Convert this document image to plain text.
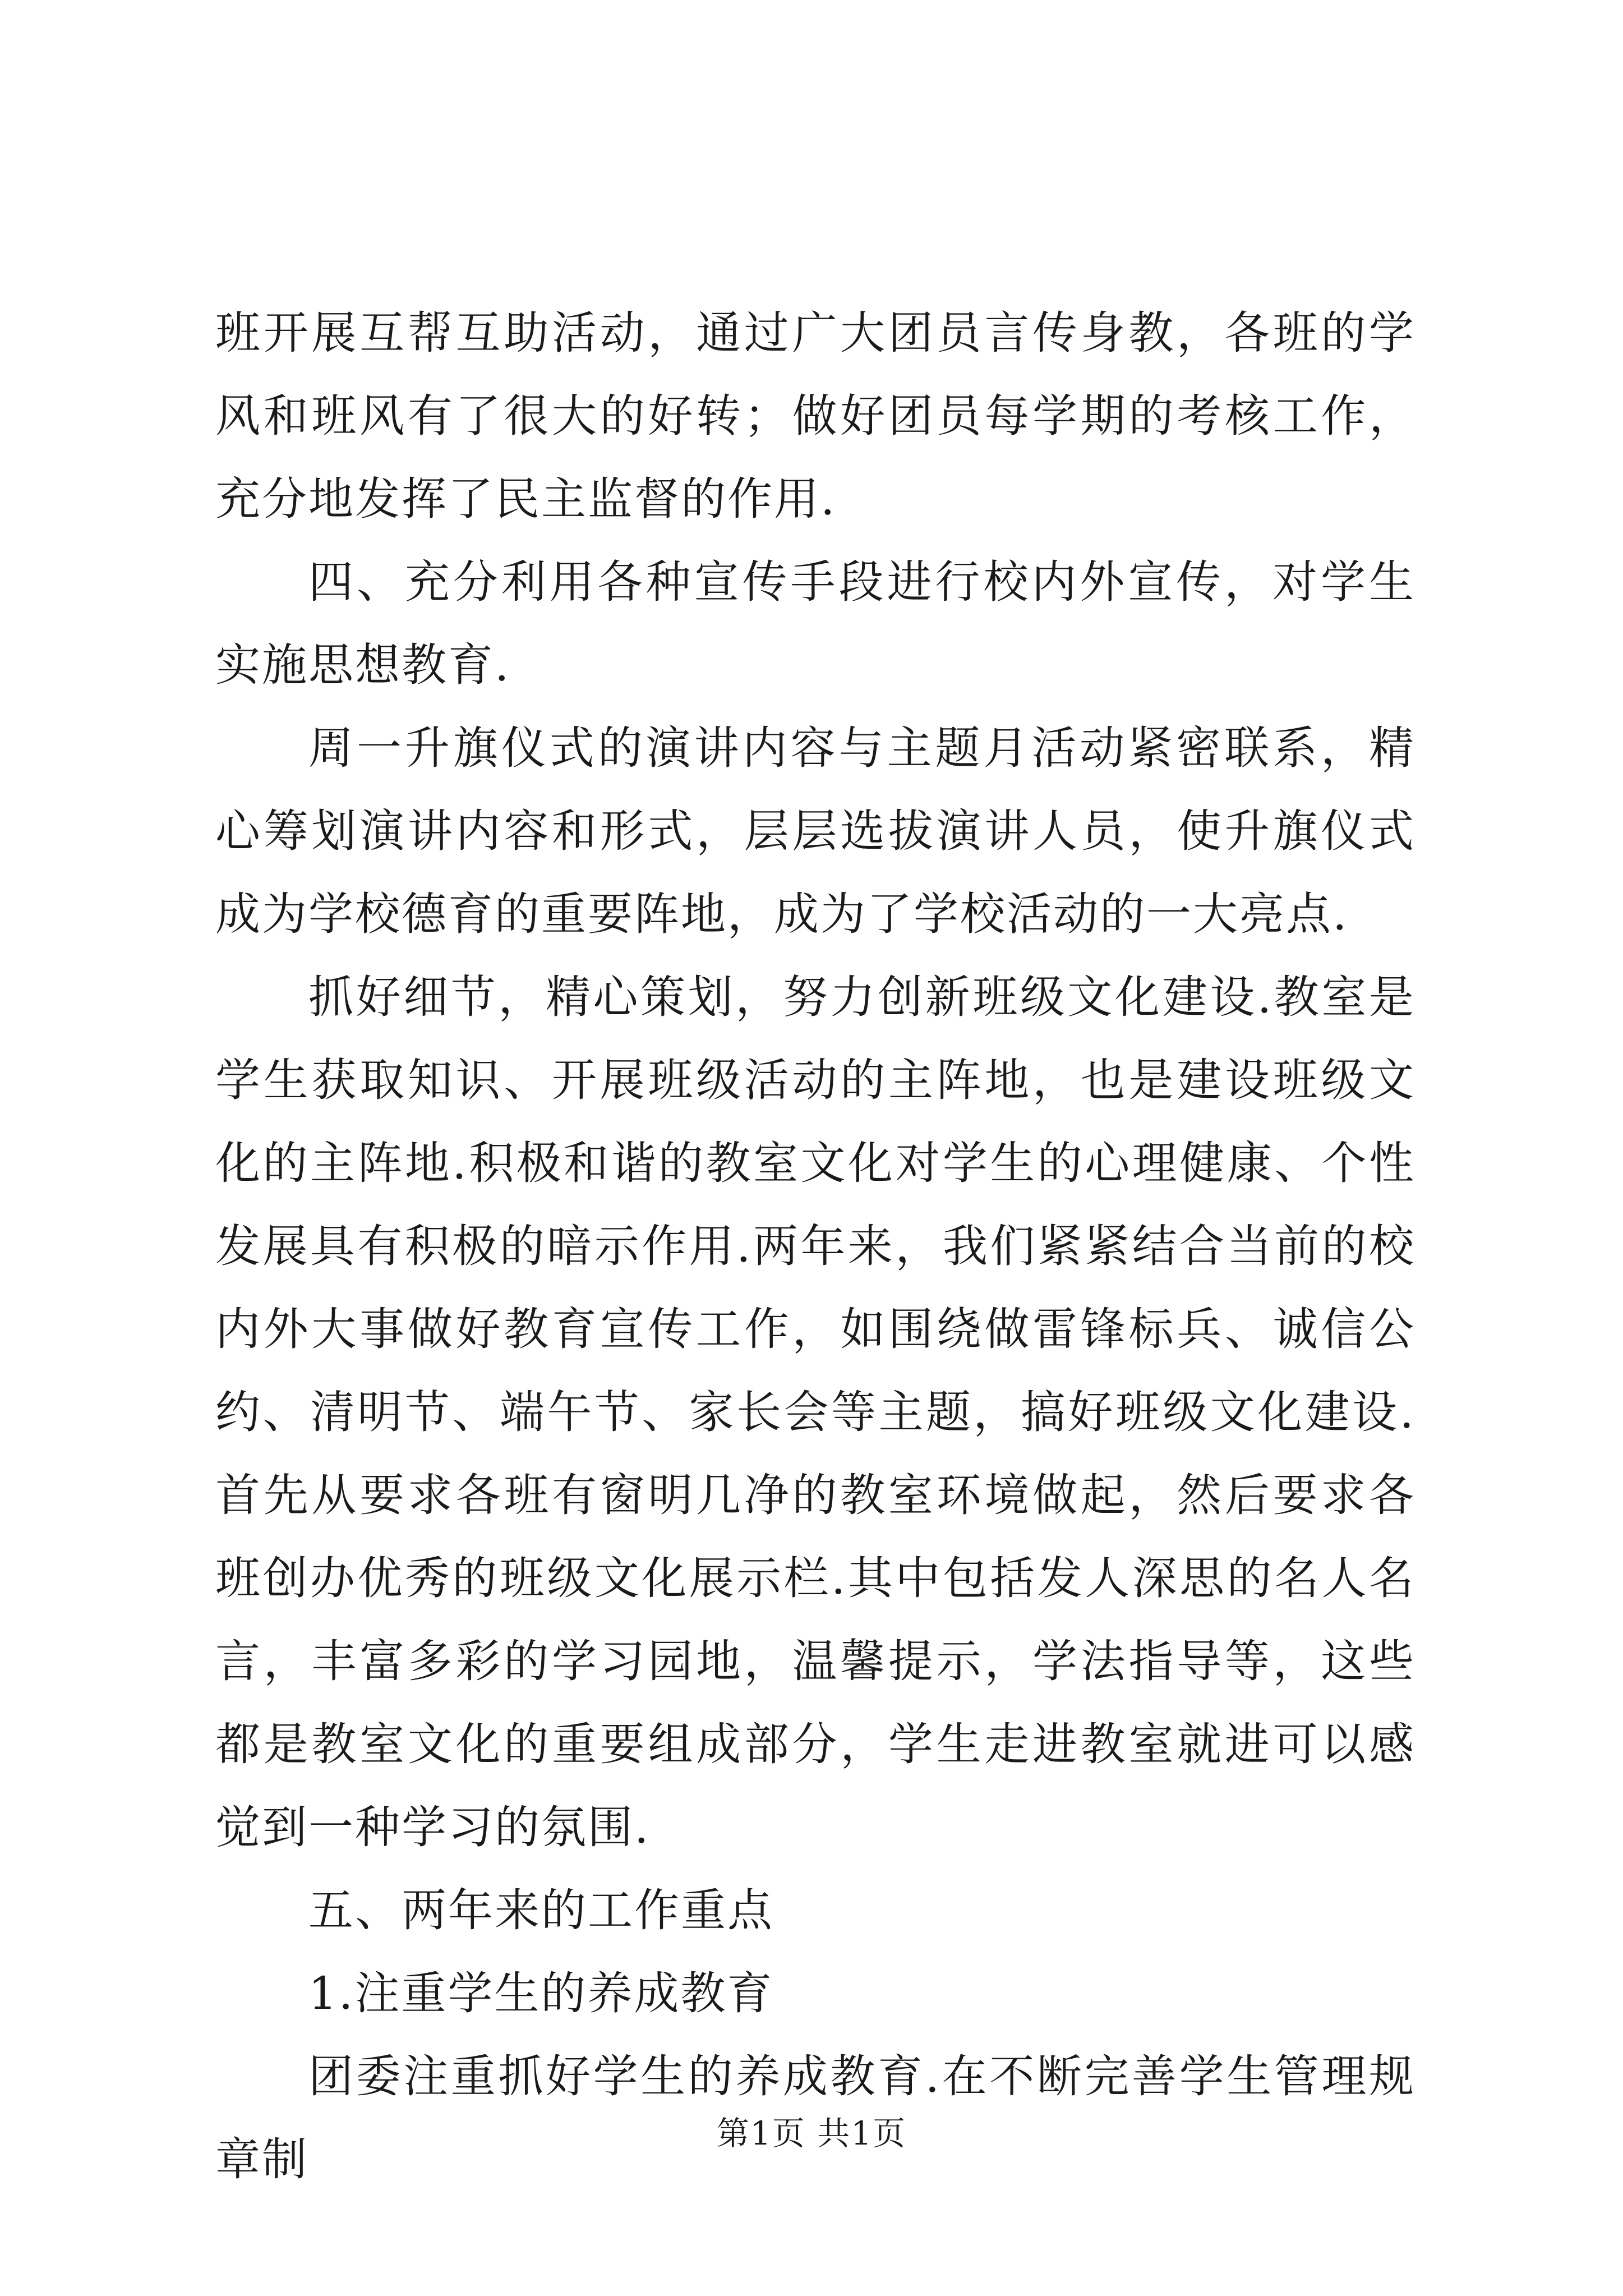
班开展互帮互助活动，通过广大团员言传身教，各班的学风和班风有了很大的好转；做好团员每学期的考核工作，充分地发挥了民主监督的作用.

四、充分利用各种宣传手段进行校内外宣传，对学生实施思想教育.

周一升旗仪式的演讲内容与主题月活动紧密联系，精心筹划演讲内容和形式，层层选拔演讲人员，使升旗仪式成为学校德育的重要阵地，成为了学校活动的一大亮点.

抓好细节，精心策划，努力创新班级文化建设.教室是学生获取知识、开展班级活动的主阵地，也是建设班级文化的主阵地.积极和谐的教室文化对学生的心理健康、个性发展具有积极的暗示作用.两年来，我们紧紧结合当前的校内外大事做好教育宣传工作，如围绕做雷锋标兵、诚信公约、清明节、端午节、家长会等主题，搞好班级文化建设.首先从要求各班有窗明几净的教室环境做起，然后要求各班创办优秀的班级文化展示栏.其中包括发人深思的名人名言，丰富多彩的学习园地，温馨提示，学法指导等，这些都是教室文化的重要组成部分，学生走进教室就进可以感觉到一种学习的氛围.

五、两年来的工作重点

1.注重学生的养成教育

团委注重抓好学生的养成教育.在不断完善学生管理规章制	第1页 共1页
